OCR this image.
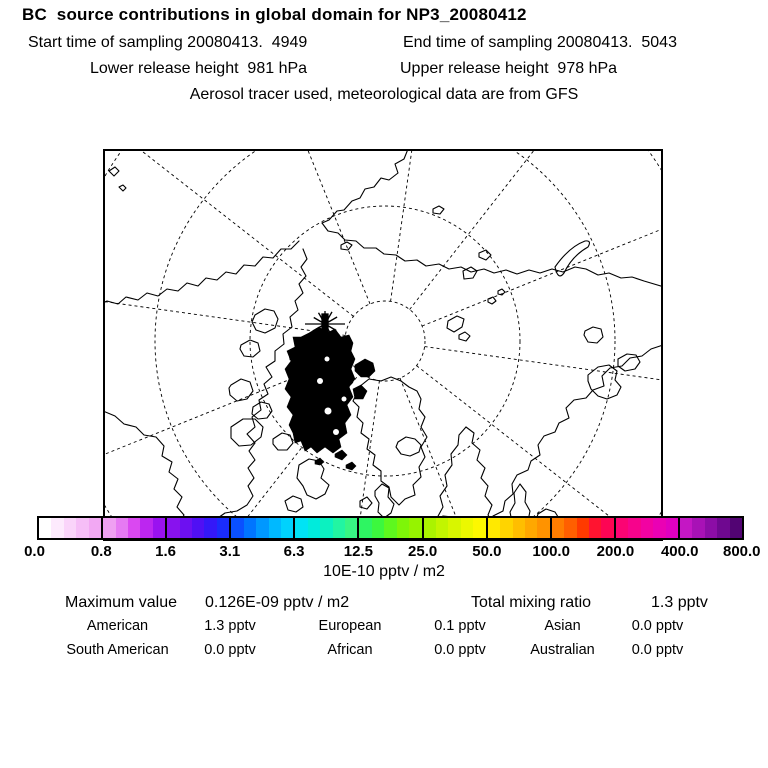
BC  source contributions in global domain for NP3_20080412
Start time of sampling 20080413.  4949	End time of sampling 20080413.  5043
Lower release height  981 hPa	Upper release height  978 hPa
Aerosol tracer used, meteorological data are from GFS

0.0	0.8	1.6	3.1	6.3	12.5 25.0 50.0 100.0 200.0 400.0 800.0
10E-10 pptv / m2
Maximum value 0.126E-09 pptv / m2	Total mixing ratio	1.3 pptv
American	1.3 pptv	European	0.1 pptv	Asian	0.0 pptv
South American	0.0 pptv	African	0.0 pptv	Australian	0.0 pptv
